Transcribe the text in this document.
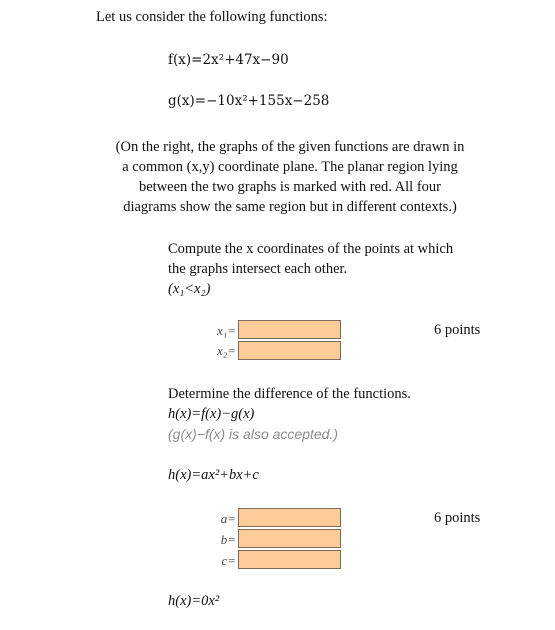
Let us consider the following functions:
f(x)=2x²+47x−90
g(x)=−10x²+155x−258
(On the right, the graphs of the given functions are drawn in
a common (x,y) coordinate plane. The planar region lying
between the two graphs is marked with red. All four
diagrams show the same region but in different contexts.)
Compute the x coordinates of the points at which
the graphs intersect each other.
(x₁<x₂)
x₁=
x₂=
6 points
Determine the difference of the functions.
h(x)=f(x)−g(x)
(g(x)−f(x) is also accepted.)
h(x)=ax²+bx+c
a=
b=
c=
6 points
h(x)=0x²
